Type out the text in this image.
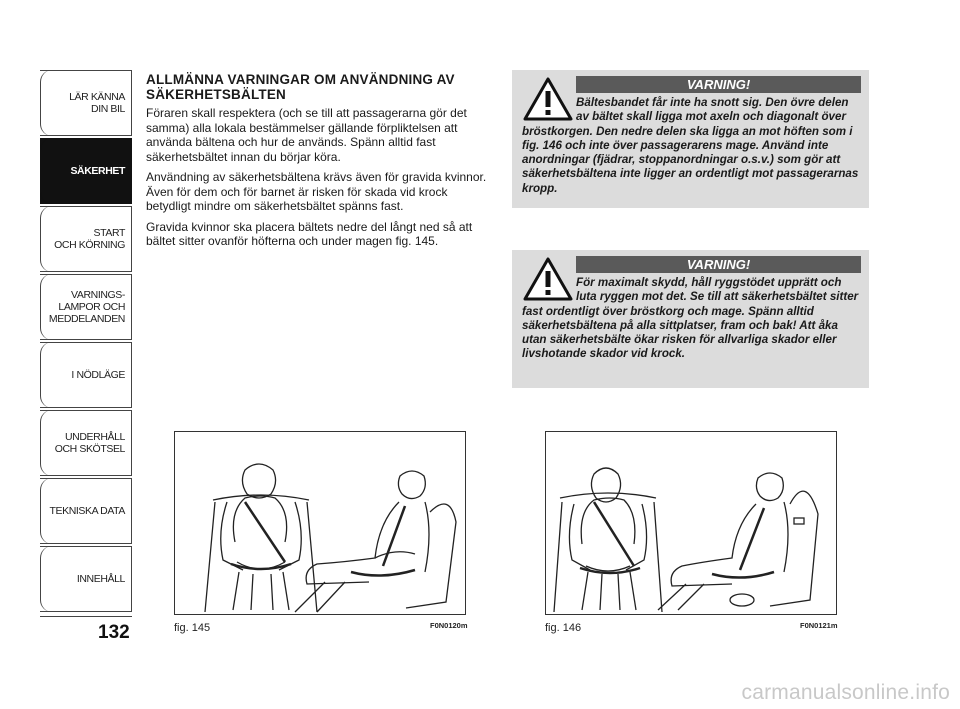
LÄR KÄNNA
DIN BIL
SÄKERHET
START
OCH KÖRNING
VARNINGS-
LAMPOR OCH
MEDDELANDEN
I NÖDLÄGE
UNDERHÅLL
OCH SKÖTSEL
TEKNISKA DATA
INNEHÅLL
132
ALLMÄNNA VARNINGAR OM ANVÄNDNING AV SÄKERHETSBÄLTEN

Föraren skall respektera (och se till att passagerarna gör det samma) alla lokala bestämmelser gällande förpliktelsen att använda bältena och hur de används. Spänn alltid fast säkerhetsbältet innan du börjar köra.

Användning av säkerhetsbältena krävs även för gravida kvinnor. Även för dem och för barnet är risken för skada vid krock betydligt mindre om säkerhetsbältet spänns fast.

Gravida kvinnor ska placera bältets nedre del långt ned så att bältet sitter ovanför höfterna och under magen fig. 145.

VARNING!
Bältesbandet får inte ha snott sig. Den övre delen av bältet skall ligga mot axeln och diagonalt över bröstkorgen. Den nedre delen ska ligga an mot höften som i fig. 146 och inte över passagerarens mage. Använd inte anordningar (fjädrar, stoppanordningar o.s.v.) som gör att säkerhetsbältena inte ligger an ordentligt mot passagerarnas kropp.
VARNING!
För maximalt skydd, håll ryggstödet upprätt och luta ryggen mot det. Se till att säkerhetsbältet sitter fast ordentligt över bröstkorg och mage. Spänn alltid säkerhetsbältena på alla sittplatser, fram och bak! Att åka utan säkerhetsbälte ökar risken för allvarliga skador eller livshotande skador vid krock.
fig. 145	F0N0120m	fig. 146	F0N0121m
carmanualsonline.info
